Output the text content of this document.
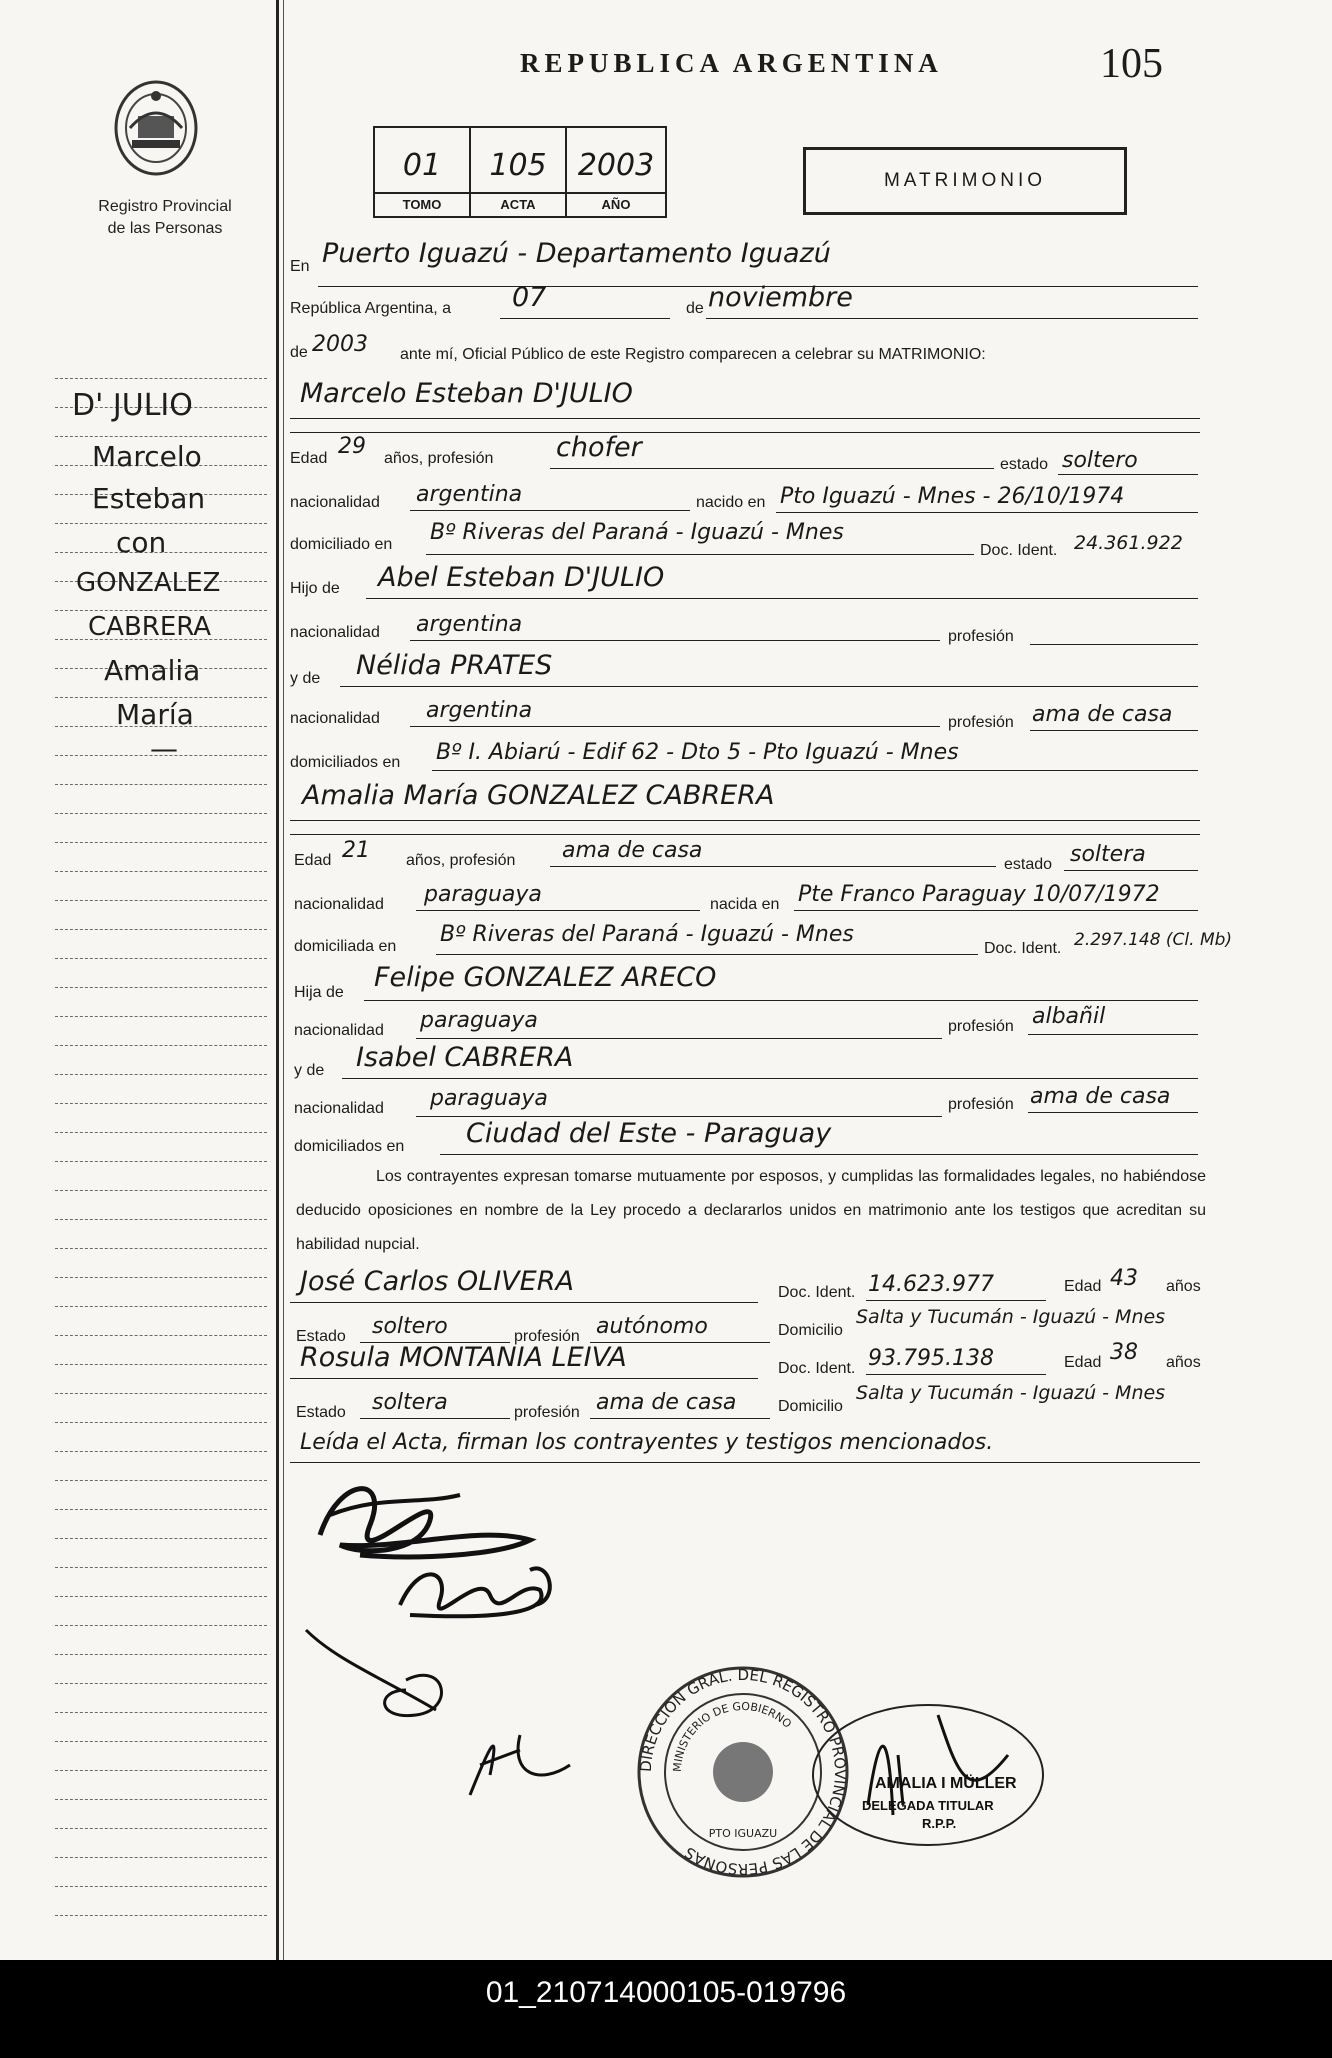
Registro Provincial
de las Personas
REPUBLICA ARGENTINA	105
01
TOMO
105
ACTA
2003
AÑO
MATRIMONIO
D' JULIO
Marcelo
Esteban
con
GONZALEZ
CABRERA
Amalia
María
—
En Puerto Iguazú - Departamento Iguazú
República Argentina, a 07	de noviembre
de 2003 ante mí, Oficial Público de este Registro comparecen a celebrar su MATRIMONIO:
Marcelo Esteban D'JULIO
Edad 29 años, profesión chofer
estado soltero
nacionalidad argentina	nacido en Pto Iguazú - Mnes - 26/10/1974
domiciliado en Bº Riveras del Paraná - Iguazú - Mnes
Doc. Ident. 24.361.922
Hijo de Abel Esteban D'JULIO
nacionalidad argentina	profesión
y de Nélida PRATES
nacionalidad argentina	profesión ama de casa
domiciliados en Bº I. Abiarú - Edif 62 - Dto 5 - Pto Iguazú - Mnes
Amalia María GONZALEZ CABRERA
Edad 21 años, profesión ama de casa
estado soltera
nacionalidad paraguaya	nacida en Pte Franco Paraguay 10/07/1972
domiciliada en Bº Riveras del Paraná - Iguazú - Mnes
Doc. Ident. 2.297.148 (Cl. Mb)
Hija de Felipe GONZALEZ ARECO
nacionalidad paraguaya	profesión albañil
y de Isabel CABRERA
nacionalidad paraguaya	profesión ama de casa
domiciliados en Ciudad del Este - Paraguay
Los contrayentes expresan tomarse mutuamente por esposos, y cumplidas las formalidades legales, no habiéndose deducido oposiciones en nombre de la Ley procedo a declararlos unidos en matrimonio ante los testigos que acreditan su habilidad nupcial.
José Carlos OLIVERA	Doc. Ident. 14.623.977	Edad 43 años
Estado soltero	profesión autónomo	Domicilio
Salta y Tucumán - Iguazú - Mnes
Rosula MONTANIA LEIVA	Doc. Ident. 93.795.138	Edad 38 años
Estado soltera	profesión ama de casa	Domicilio
Salta y Tucumán - Iguazú - Mnes
Leída el Acta, firman los contrayentes y testigos mencionados.
DIRECCION GRAL. DEL REGISTRO PROVINCIAL DE LAS PERSONAS
MINISTERIO DE GOBIERNO
PTO IGUAZU
AMALIA I MÜLLER
DELEGADA TITULAR
R.P.P.
01_210714000105-019796
